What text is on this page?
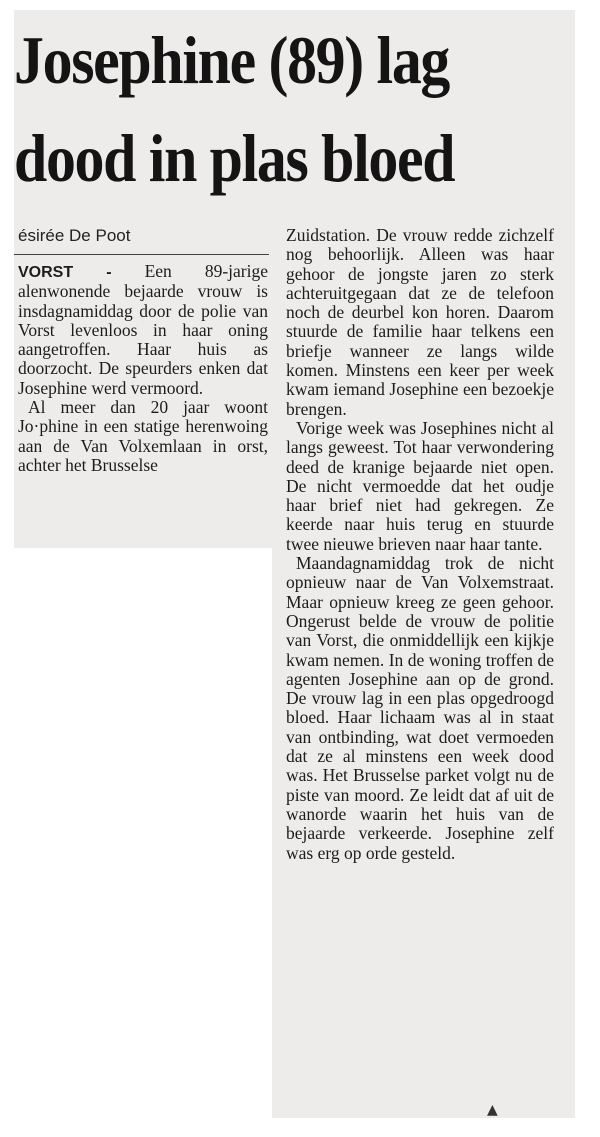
Josephine (89) lag
dood in plas bloed
ésirée De Poot

VORST - Een 89-jarige alenwonende bejaarde vrouw is insdagnamiddag door de polie van Vorst levenloos in haar oning aangetroffen. Haar huis as doorzocht. De speurders enken dat Josephine werd vermoord.

Al meer dan 20 jaar woont Jo·phine in een statige herenwoing aan de Van Volxemlaan in orst, achter het Brusselse

Zuidstation. De vrouw redde zichzelf nog behoorlijk. Alleen was haar gehoor de jongste jaren zo sterk achteruitgegaan dat ze de telefoon noch de deurbel kon horen. Daarom stuurde de familie haar telkens een briefje wanneer ze langs wilde komen. Minstens een keer per week kwam iemand Josephine een bezoekje brengen.

Vorige week was Josephines nicht al langs geweest. Tot haar verwondering deed de kranige bejaarde niet open. De nicht vermoedde dat het oudje haar brief niet had gekregen. Ze keerde naar huis terug en stuurde twee nieuwe brieven naar haar tante.

Maandagnamiddag trok de nicht opnieuw naar de Van Volxemstraat. Maar opnieuw kreeg ze geen gehoor. Ongerust belde de vrouw de politie van Vorst, die onmiddellijk een kijkje kwam nemen. In de woning troffen de agenten Josephine aan op de grond. De vrouw lag in een plas opgedroogd bloed. Haar lichaam was al in staat van ontbinding, wat doet vermoeden dat ze al minstens een week dood was. Het Brusselse parket volgt nu de piste van moord. Ze leidt dat af uit de wanorde waarin het huis van de bejaarde verkeerde. Josephine zelf was erg op orde gesteld.

▲
